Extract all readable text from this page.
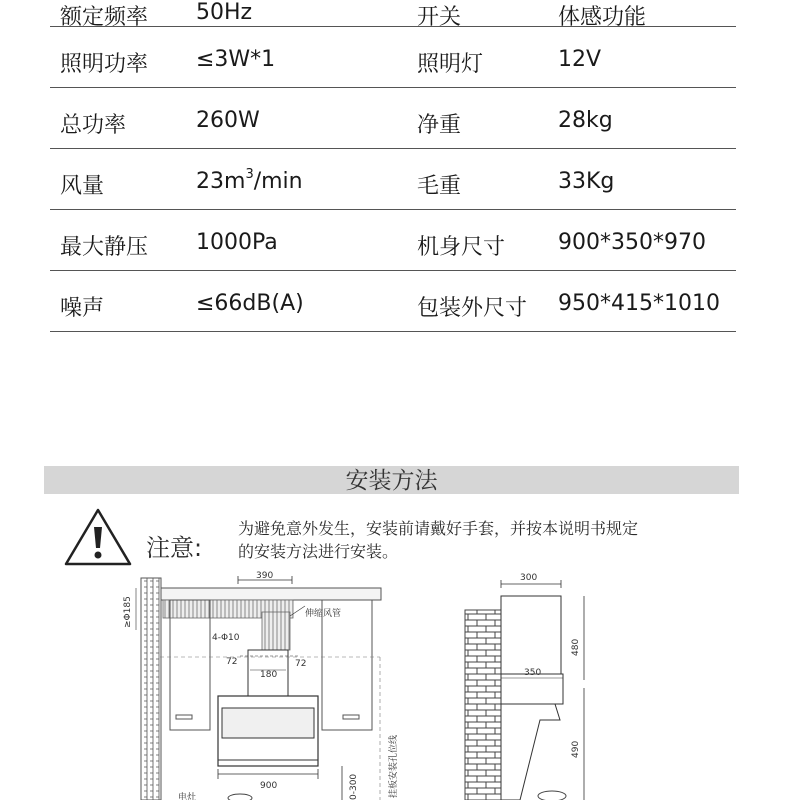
额定频率 50Hz	开关	体感功能
照明功率 ≤3W*1	照明灯	12V
总功率	260W	净重	28kg
风量	$23m^3/\min$	毛重	33Kg
最大静压 1000Pa	机身尺寸 900*350*970
噪声	≤66dB(A)	包装外尺寸 950*415*1010
安装方法
注意:
为避免意外发生，安装前请戴好手套，并按本说明书规定
的安装方法进行安装。
390
伸缩风管
4-Φ10
72	72
180
≥Φ185
900	0-300	挂板安装孔位线
电灶
300
480
350
490
